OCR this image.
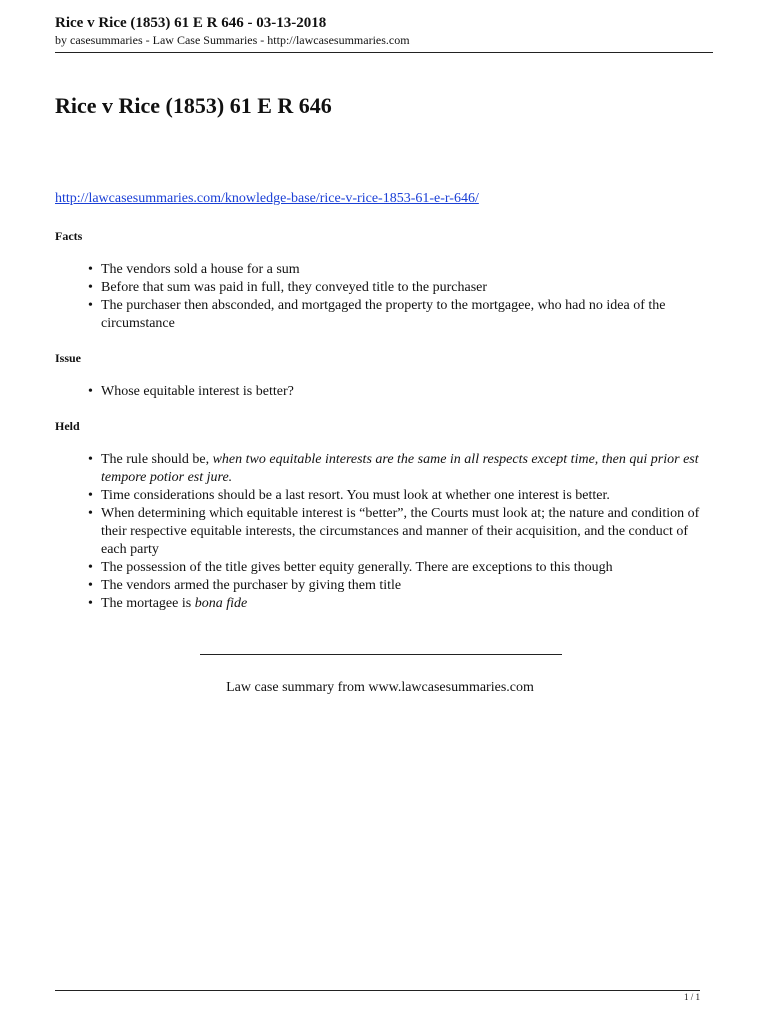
Rice v Rice (1853) 61 E R 646 - 03-13-2018
by casesummaries - Law Case Summaries - http://lawcasesummaries.com
Rice v Rice (1853) 61 E R 646
http://lawcasesummaries.com/knowledge-base/rice-v-rice-1853-61-e-r-646/
Facts
• The vendors sold a house for a sum
• Before that sum was paid in full, they conveyed title to the purchaser
• The purchaser then absconded, and mortgaged the property to the mortgagee, who had no idea of the circumstance
Issue
• Whose equitable interest is better?
Held
• The rule should be, when two equitable interests are the same in all respects except time, then qui prior est tempore potior est jure.
• Time considerations should be a last resort. You must look at whether one interest is better.
• When determining which equitable interest is “better”, the Courts must look at; the nature and condition of their respective equitable interests, the circumstances and manner of their acquisition, and the conduct of each party
• The possession of the title gives better equity generally. There are exceptions to this though
• The vendors armed the purchaser by giving them title
• The mortagee is bona fide
Law case summary from www.lawcasesummaries.com
1 / 1
